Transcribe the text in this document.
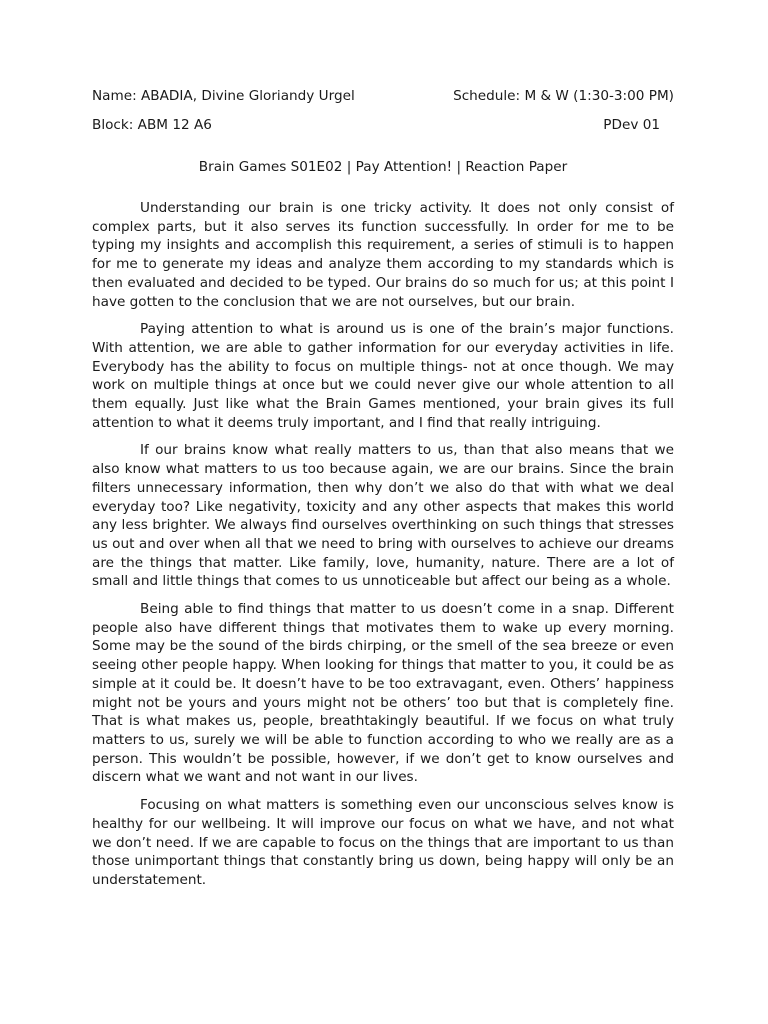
Name: ABADIA, Divine Gloriandy Urgel	Schedule: M & W (1:30-3:00 PM)
Block: ABM 12 A6	PDev 01
Brain Games S01E02 | Pay Attention! | Reaction Paper

Understanding our brain is one tricky activity. It does not only consist of complex parts, but it also serves its function successfully. In order for me to be typing my insights and accomplish this requirement, a series of stimuli is to happen for me to generate my ideas and analyze them according to my standards which is then evaluated and decided to be typed. Our brains do so much for us; at this point I have gotten to the conclusion that we are not ourselves, but our brain.

Paying attention to what is around us is one of the brain’s major functions. With attention, we are able to gather information for our everyday activities in life. Everybody has the ability to focus on multiple things- not at once though. We may work on multiple things at once but we could never give our whole attention to all them equally. Just like what the Brain Games mentioned, your brain gives its full attention to what it deems truly important, and I find that really intriguing.

If our brains know what really matters to us, than that also means that we also know what matters to us too because again, we are our brains. Since the brain filters unnecessary information, then why don’t we also do that with what we deal everyday too? Like negativity, toxicity and any other aspects that makes this world any less brighter. We always find ourselves overthinking on such things that stresses us out and over when all that we need to bring with ourselves to achieve our dreams are the things that matter. Like family, love, humanity, nature. There are a lot of small and little things that comes to us unnoticeable but affect our being as a whole.

Being able to find things that matter to us doesn’t come in a snap. Different people also have different things that motivates them to wake up every morning. Some may be the sound of the birds chirping, or the smell of the sea breeze or even seeing other people happy. When looking for things that matter to you, it could be as simple at it could be. It doesn’t have to be too extravagant, even. Others’ happiness might not be yours and yours might not be others’ too but that is completely fine. That is what makes us, people, breathtakingly beautiful. If we focus on what truly matters to us, surely we will be able to function according to who we really are as a person. This wouldn’t be possible, however, if we don’t get to know ourselves and discern what we want and not want in our lives.

Focusing on what matters is something even our unconscious selves know is healthy for our wellbeing. It will improve our focus on what we have, and not what we don’t need. If we are capable to focus on the things that are important to us than those unimportant things that constantly bring us down, being happy will only be an understatement.
